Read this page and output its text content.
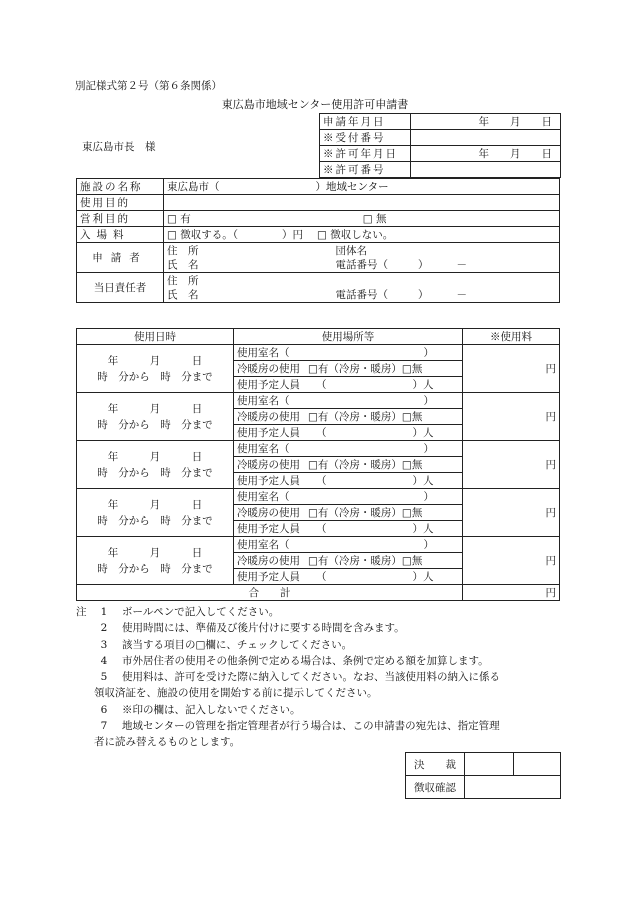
別記様式第２号（第６条関係）
東広島市地域センター使用許可申請書
東広島市長　様
申請年月日	年　　月　　日
※受付番号	
※許可年月日	年　　月　　日
※許可番号	
施設の名称	東広島市（ ）地域センター
使用目的	
営利目的	□ 有 □ 無
入場料	□ 徴収する。（ ）円 □ 徴収しない。
申請者	住　所 団体名
氏　名 電話番号（ ） －

当日責任者	住　所
氏　名 電話番号（ ） －
使用日時	使用場所等	※使用料

年　　　月　　　日
時　分から　時　分まで	使用室名（ ）	円
	冷暖房の使用 □有（冷房・暖房）□無	
	使用予定人員 （ ）人	

年　　　月　　　日
時　分から　時　分まで	使用室名（ ）	円
	冷暖房の使用 □有（冷房・暖房）□無	
	使用予定人員 （ ）人	

年　　　月　　　日
時　分から　時　分まで	使用室名（ ）	円
	冷暖房の使用 □有（冷房・暖房）□無	
	使用予定人員 （ ）人	

年　　　月　　　日
時　分から　時　分まで	使用室名（ ）	円
	冷暖房の使用 □有（冷房・暖房）□無	
	使用予定人員 （ ）人	

年　　　月　　　日
時　分から　時　分まで	使用室名（ ）	円
	冷暖房の使用 □有（冷房・暖房）□無	
	使用予定人員 （ ）人	
合　　計		円
注	1	ボールペンで記入してください。
2	使用時間には、準備及び後片付けに要する時間を含みます。
3	該当する項目の□欄に、チェックしてください。
4	市外居住者の使用その他条例で定める場合は、条例で定める額を加算します。
5	使用料は、許可を受けた際に納入してください。なお、当該使用料の納入に係る
領収済証を、施設の使用を開始する前に提示してください。
6	※印の欄は、記入しないでください。
7	地域センターの管理を指定管理者が行う場合は、この申請書の宛先は、指定管理
者に読み替えるものとします。
決　　裁		
徴収確認		
